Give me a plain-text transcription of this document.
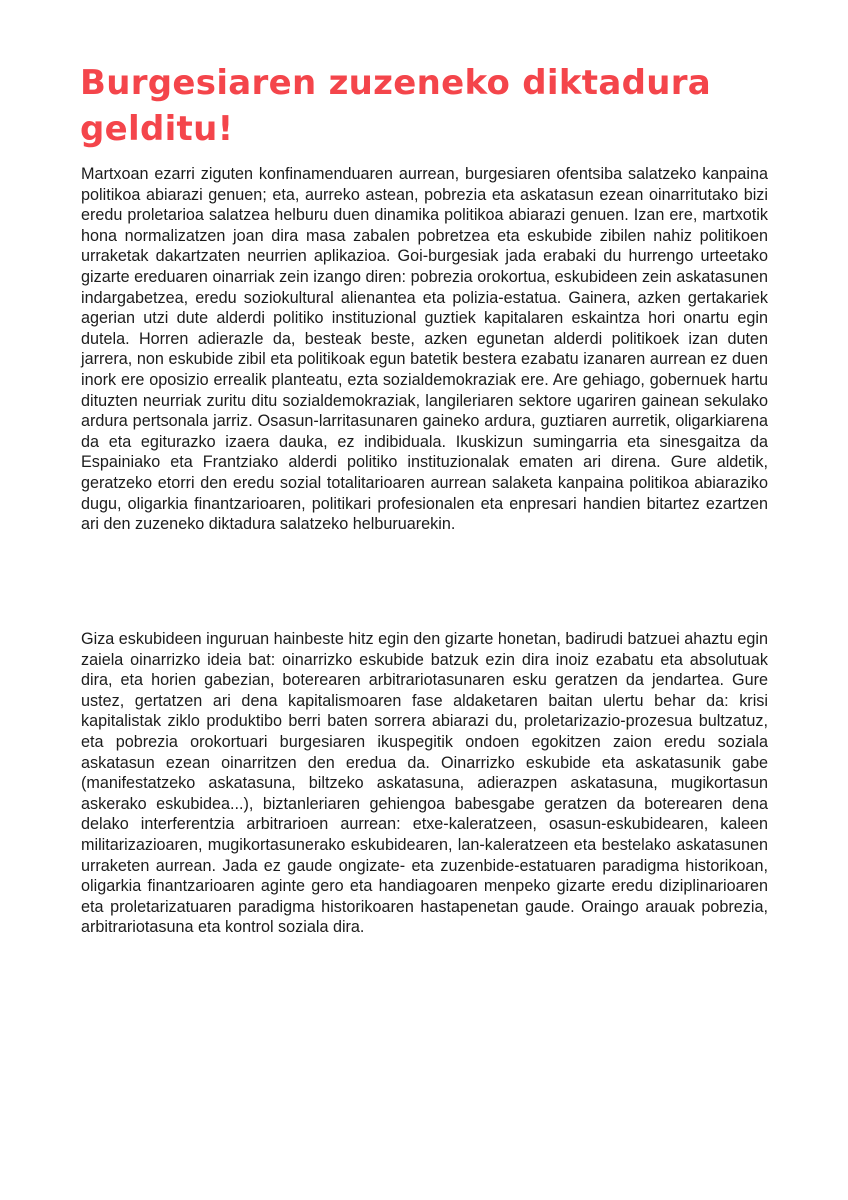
Burgesiaren zuzeneko diktadura gelditu!

Martxoan ezarri ziguten konfinamenduaren aurrean, burgesiaren ofentsiba salatzeko kanpaina politikoa abiarazi genuen; eta, aurreko astean, pobrezia eta askatasun ezean oinarritutako bizi eredu proletarioa salatzea helburu duen dinamika politikoa abiarazi genuen. Izan ere, martxotik hona normalizatzen joan dira masa zabalen pobretzea eta eskubide zibilen nahiz politikoen urraketak dakartzaten neurrien aplikazioa. Goi-burgesiak jada erabaki du hurrengo urteetako gizarte ereduaren oinarriak zein izango diren: pobrezia orokortua, eskubideen zein askatasunen indargabetzea, eredu soziokultural alienantea eta polizia-estatua. Gainera, azken gertakariek agerian utzi dute alderdi politiko instituzional guztiek kapitalaren eskaintza hori onartu egin dutela. Horren adierazle da, besteak beste, azken egunetan alderdi politikoek izan duten jarrera, non eskubide zibil eta politikoak egun batetik bestera ezabatu izanaren aurrean ez duen inork ere oposizio errealik planteatu, ezta sozialdemokraziak ere. Are gehiago, gobernuek hartu dituzten neurriak zuritu ditu sozialdemokraziak, langileriaren sektore ugariren gainean sekulako ardura pertsonala jarriz. Osasun-larritasunaren gaineko ardura, guztiaren aurretik, oligarkiarena da eta egiturazko izaera dauka, ez indibiduala. Ikuskizun sumingarria eta sinesgaitza da Espainiako eta Frantziako alderdi politiko instituzionalak ematen ari direna. Gure aldetik, geratzeko etorri den eredu sozial totalitarioaren aurrean salaketa kanpaina politikoa abiaraziko dugu, oligarkia finantzarioaren, politikari profesionalen eta enpresari handien bitartez ezartzen ari den zuzeneko diktadura salatzeko helburuarekin.

Giza eskubideen inguruan hainbeste hitz egin den gizarte honetan, badirudi batzuei ahaztu egin zaiela oinarrizko ideia bat: oinarrizko eskubide batzuk ezin dira inoiz ezabatu eta absolutuak dira, eta horien gabezian, boterearen arbitrariotasunaren esku geratzen da jendartea. Gure ustez, gertatzen ari dena kapitalismoaren fase aldaketaren baitan ulertu behar da: krisi kapitalistak ziklo produktibo berri baten sorrera abiarazi du, proletarizazio-prozesua bultzatuz, eta pobrezia orokortuari burgesiaren ikuspegitik ondoen egokitzen zaion eredu soziala askatasun ezean oinarritzen den eredua da. Oinarrizko eskubide eta askatasunik gabe (manifestatzeko askatasuna, biltzeko askatasuna, adierazpen askatasuna, mugikortasun askerako eskubidea...), biztanleriaren gehiengoa babesgabe geratzen da boterearen dena delako interferentzia arbitrarioen aurrean: etxe-kaleratzeen, osasun-eskubidearen, kaleen militarizazioaren, mugikortasunerako eskubidearen, lan-kaleratzeen eta bestelako askatasunen urraketen aurrean. Jada ez gaude ongizate- eta zuzenbide-estatuaren paradigma historikoan, oligarkia finantzarioaren aginte gero eta handiagoaren menpeko gizarte eredu diziplinarioaren eta proletarizatuaren paradigma historikoaren hastapenetan gaude. Oraingo arauak pobrezia, arbitrariotasuna eta kontrol soziala dira.
